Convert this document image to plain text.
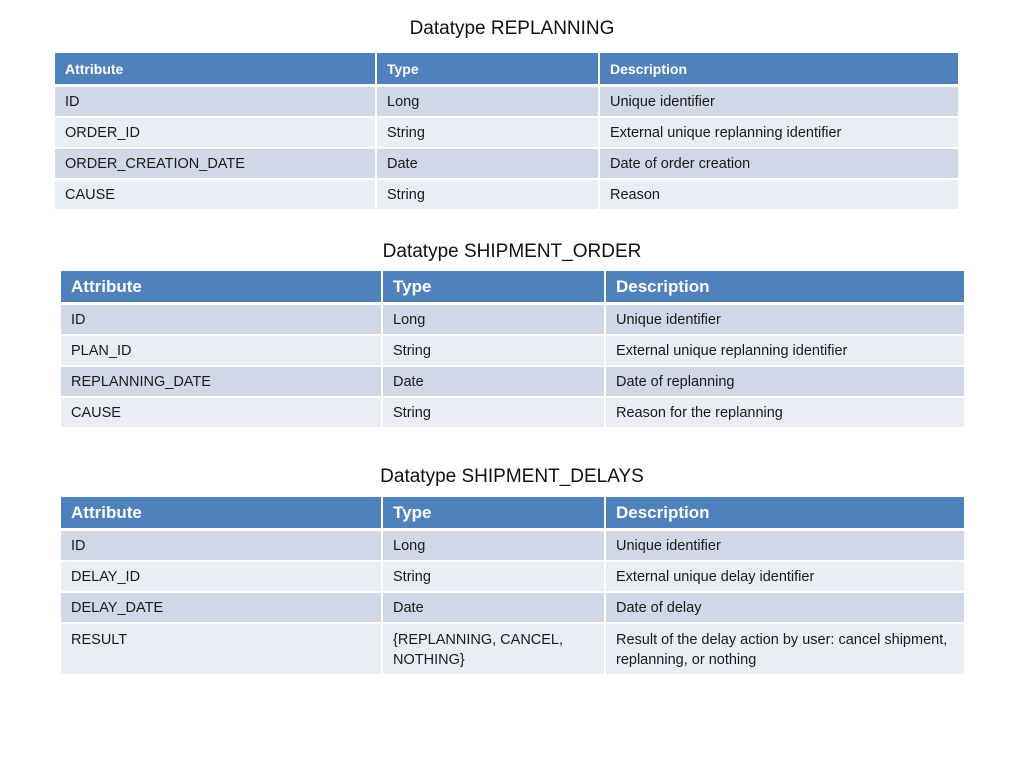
Datatype REPLANNING
Attribute	Type	Description
ID	Long	Unique identifier
ORDER_ID	String	External unique replanning identifier
ORDER_CREATION_DATE	Date	Date of order creation
CAUSE	String	Reason
Datatype SHIPMENT_ORDER
Attribute	Type	Description
ID	Long	Unique identifier
PLAN_ID	String	External unique replanning identifier
REPLANNING_DATE	Date	Date of replanning
CAUSE	String	Reason for the replanning
Datatype SHIPMENT_DELAYS
Attribute	Type	Description
ID	Long	Unique identifier
DELAY_ID	String	External unique delay identifier
DELAY_DATE	Date	Date of delay
RESULT	{REPLANNING, CANCEL, NOTHING}	Result of the delay action by user: cancel shipment, replanning, or nothing
